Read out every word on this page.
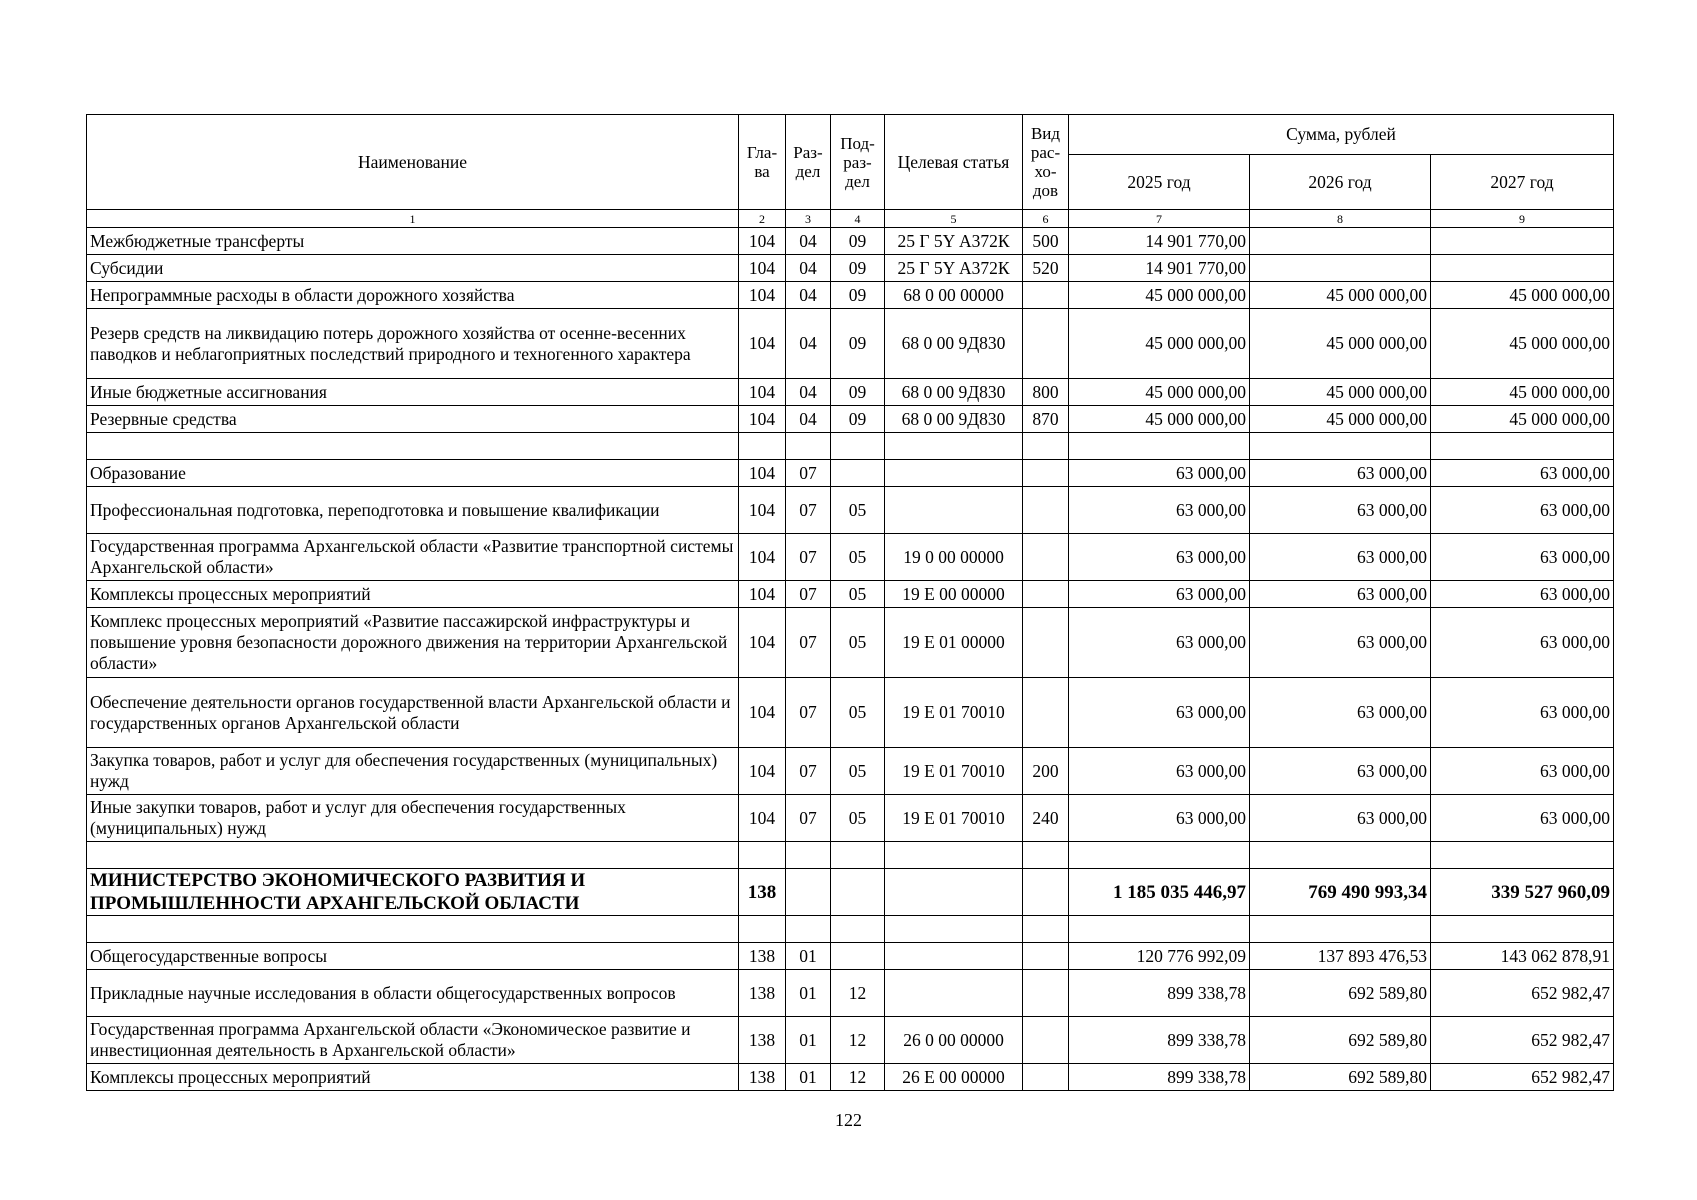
Наименование	Гла-ва	Раз-дел	Под-раз-дел	Целевая статья	Вид рас-хо-дов	Сумма, рублей		
						2025 год	2026 год	2027 год
1	2	3	4	5	6	7	8	9
Межбюджетные трансферты	104	04	09	25 Г 5Y А372К	500	14 901 770,00		
Субсидии	104	04	09	25 Г 5Y А372К	520	14 901 770,00		
Непрограммные расходы в области дорожного хозяйства	104	04	09	68 0 00 00000		45 000 000,00	45 000 000,00	45 000 000,00
Резерв средств на ликвидацию потерь дорожного хозяйства от осенне-весенних паводков и неблагоприятных последствий природного и техногенного характера	104	04	09	68 0 00 9Д830		45 000 000,00	45 000 000,00	45 000 000,00
Иные бюджетные ассигнования	104	04	09	68 0 00 9Д830	800	45 000 000,00	45 000 000,00	45 000 000,00
Резервные средства	104	04	09	68 0 00 9Д830	870	45 000 000,00	45 000 000,00	45 000 000,00

Образование	104	07				63 000,00	63 000,00	63 000,00
Профессиональная подготовка, переподготовка и повышение квалификации	104	07	05			63 000,00	63 000,00	63 000,00
Государственная программа Архангельской области «Развитие транспортной системы Архангельской области»	104	07	05	19 0 00 00000		63 000,00	63 000,00	63 000,00
Комплексы процессных мероприятий	104	07	05	19 Е 00 00000		63 000,00	63 000,00	63 000,00
Комплекс процессных мероприятий «Развитие пассажирской инфраструктуры и повышение уровня безопасности дорожного движения на территории Архангельской области»	104	07	05	19 Е 01 00000		63 000,00	63 000,00	63 000,00
Обеспечение деятельности органов государственной власти Архангельской области и государственных органов Архангельской области	104	07	05	19 Е 01 70010		63 000,00	63 000,00	63 000,00
Закупка товаров, работ и услуг для обеспечения государственных (муниципальных) нужд	104	07	05	19 Е 01 70010	200	63 000,00	63 000,00	63 000,00
Иные закупки товаров, работ и услуг для обеспечения государственных (муниципальных) нужд	104	07	05	19 Е 01 70010	240	63 000,00	63 000,00	63 000,00

МИНИСТЕРСТВО ЭКОНОМИЧЕСКОГО РАЗВИТИЯ И ПРОМЫШЛЕННОСТИ АРХАНГЕЛЬСКОЙ ОБЛАСТИ	138					1 185 035 446,97	769 490 993,34	339 527 960,09

Общегосударственные вопросы	138	01				120 776 992,09	137 893 476,53	143 062 878,91
Прикладные научные исследования в области общегосударственных вопросов	138	01	12			899 338,78	692 589,80	652 982,47
Государственная программа Архангельской области «Экономическое развитие и инвестиционная деятельность в Архангельской области»	138	01	12	26 0 00 00000		899 338,78	692 589,80	652 982,47
Комплексы процессных мероприятий	138	01	12	26 Е 00 00000		899 338,78	692 589,80	652 982,47
122
